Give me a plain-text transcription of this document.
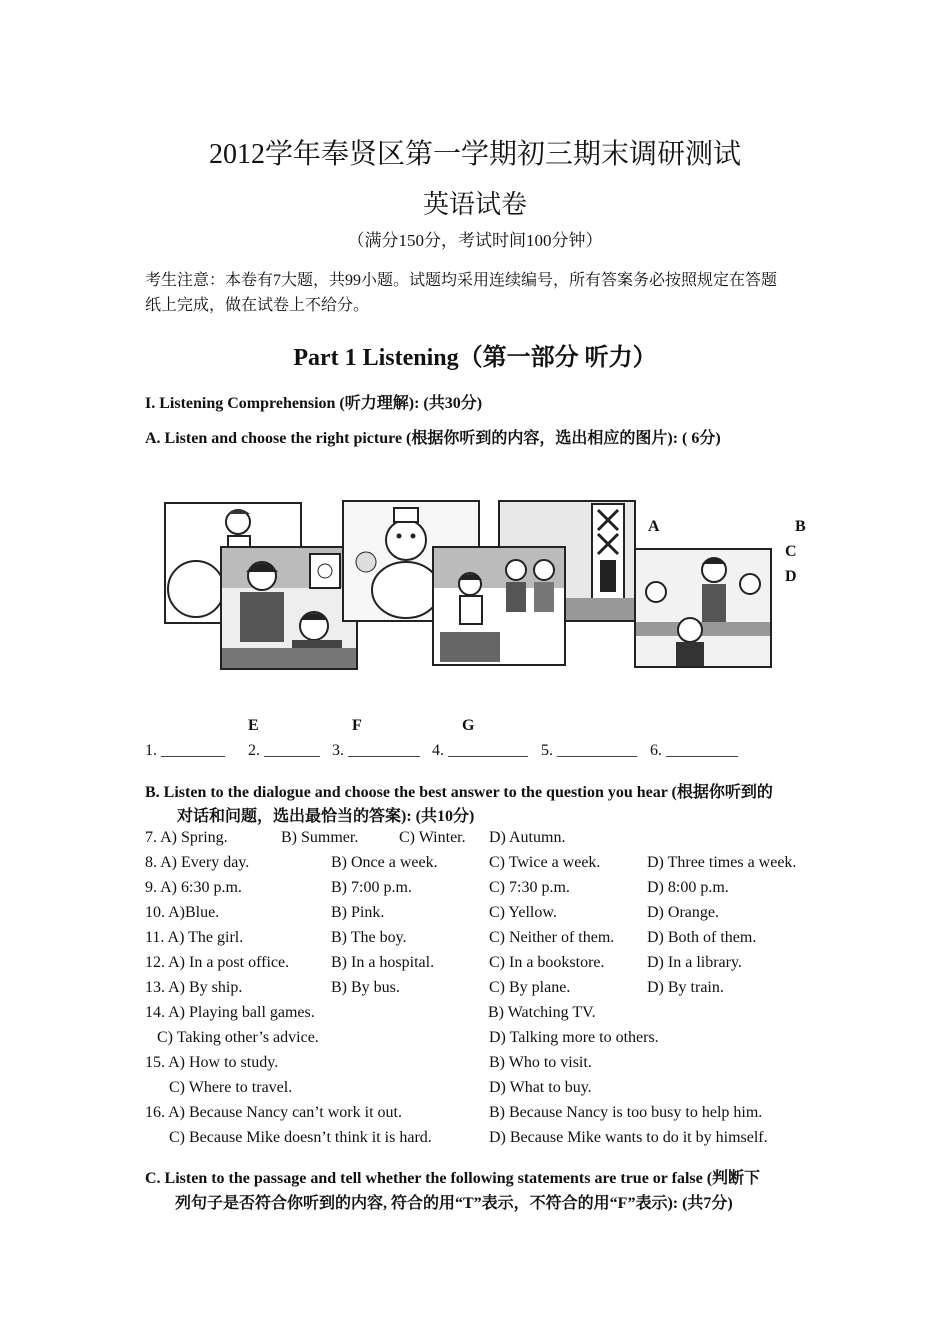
2012学年奉贤区第一学期初三期末调研测试
英语试卷
（满分150分，考试时间100分钟）
考生注意：本卷有7大题，共99小题。试题均采用连续编号，所有答案务必按照规定在答题
纸上完成，做在试卷上不给分。
Part 1 Listening（第一部分 听力）
I. Listening Comprehension (听力理解): (共30分)
A. Listen and choose the right picture (根据你听到的内容，选出相应的图片): ( 6分)
A	B
C
D
E	F	G
1. ________ 2. _______ 3. _________ 4. __________ 5. __________ 6. _________
B. Listen to the dialogue and choose the best answer to the question you hear (根据你听到的
对话和问题，选出最恰当的答案): (共10分)
7. A) Spring.	B) Summer.	C) Winter. D) Autumn.
8. A) Every day.	B) Once a week.	C) Twice a week.	D) Three times a week.
9. A) 6:30 p.m.	B) 7:00 p.m.	C) 7:30 p.m.	D) 8:00 p.m.
10. A)Blue.	B) Pink.	C) Yellow.	D) Orange.
11. A) The girl.	B) The boy.	C) Neither of them. D) Both of them.
12. A) In a post office.	B) In a hospital.	C) In a bookstore.	D) In a library.
13. A) By ship.	B) By bus.	C) By plane.	D) By train.
14. A) Playing ball games.	B) Watching TV.
C) Taking other’s advice.	D) Talking more to others.
15. A) How to study.	B) Who to visit.
C) Where to travel.	D) What to buy.
16. A) Because Nancy can’t work it out.	B) Because Nancy is too busy to help him.
C) Because Mike doesn’t think it is hard.	D) Because Mike wants to do it by himself.
C. Listen to the passage and tell whether the following statements are true or false (判断下
列句子是否符合你听到的内容, 符合的用“T”表示，不符合的用“F”表示): (共7分)
